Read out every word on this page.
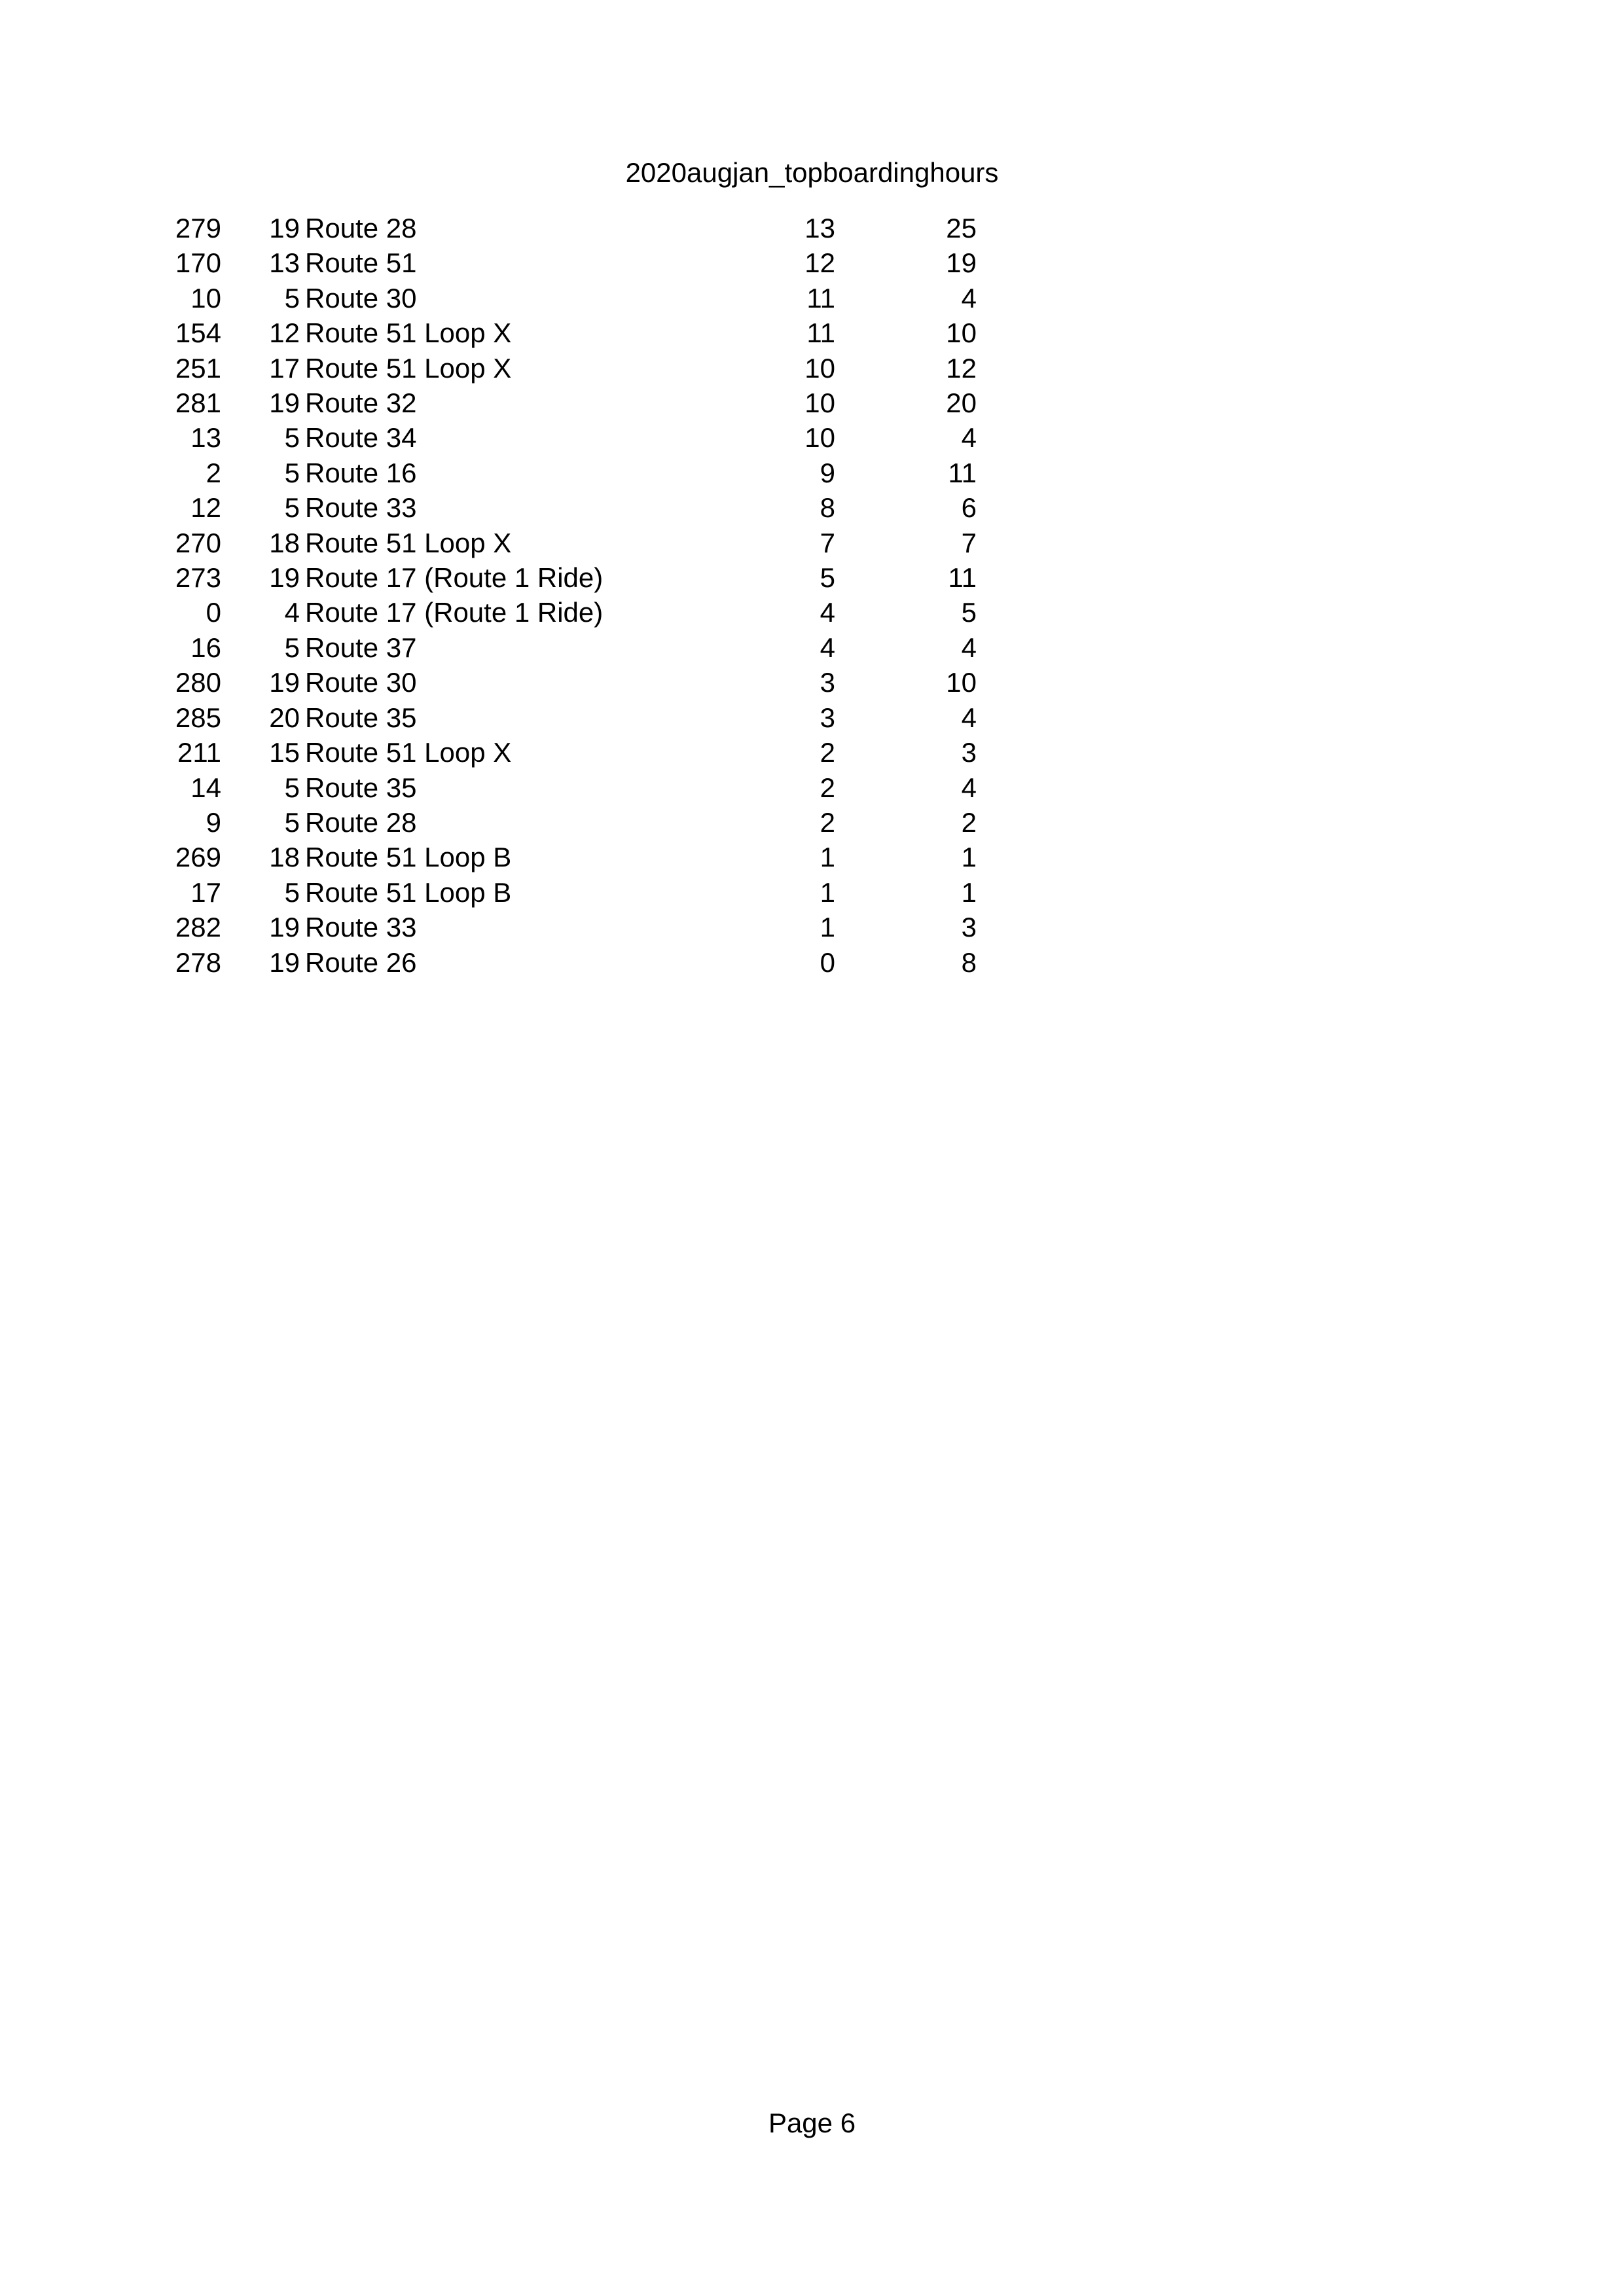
2020augjan_topboardinghours
279	19	Route 28	13	25
170	13	Route 51	12	19
10	5	Route 30	11	4
154	12	Route 51 Loop X	11	10
251	17	Route 51 Loop X	10	12
281	19	Route 32	10	20
13	5	Route 34	10	4
2	5	Route 16	9	11
12	5	Route 33	8	6
270	18	Route 51 Loop X	7	7
273	19	Route 17 (Route 1 Ride)	5	11
0	4	Route 17 (Route 1 Ride)	4	5
16	5	Route 37	4	4
280	19	Route 30	3	10
285	20	Route 35	3	4
211	15	Route 51 Loop X	2	3
14	5	Route 35	2	4
9	5	Route 28	2	2
269	18	Route 51 Loop B	1	1
17	5	Route 51 Loop B	1	1
282	19	Route 33	1	3
278	19	Route 26	0	8
Page 6
